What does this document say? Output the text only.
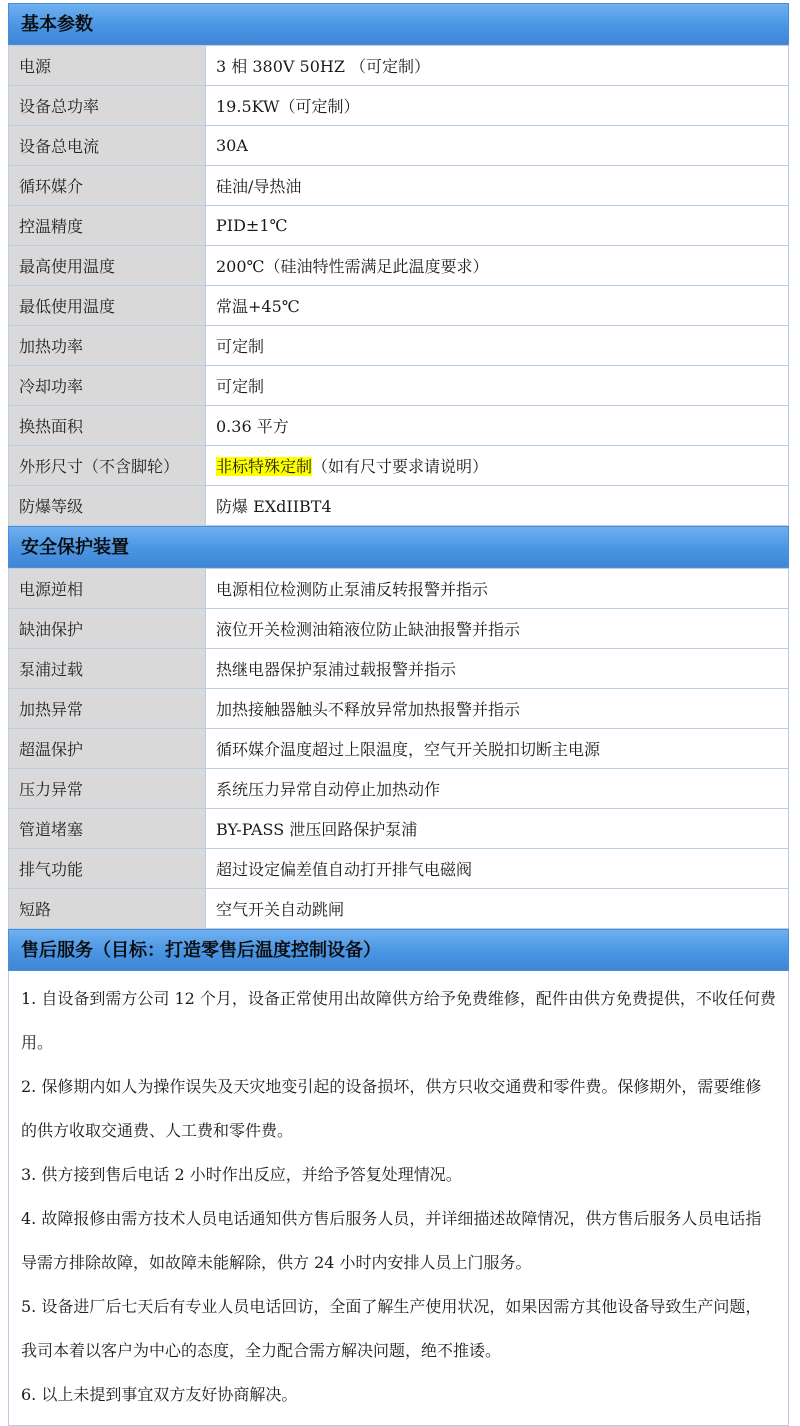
基本参数
电源	3 相 380V 50HZ （可定制）
设备总功率	19.5KW（可定制）
设备总电流	30A
循环媒介	硅油/导热油
控温精度	PID±1℃
最高使用温度	200℃（硅油特性需满足此温度要求）
最低使用温度	常温+45℃
加热功率	可定制
冷却功率	可定制
换热面积	0.36 平方
外形尺寸（不含脚轮）	非标特殊定制（如有尺寸要求请说明）
防爆等级	防爆 EXdIIBT4
安全保护装置
电源逆相	电源相位检测防止泵浦反转报警并指示
缺油保护	液位开关检测油箱液位防止缺油报警并指示
泵浦过载	热继电器保护泵浦过载报警并指示
加热异常	加热接触器触头不释放异常加热报警并指示
超温保护	循环媒介温度超过上限温度，空气开关脱扣切断主电源
压力异常	系统压力异常自动停止加热动作
管道堵塞	BY-PASS 泄压回路保护泵浦
排气功能	超过设定偏差值自动打开排气电磁阀
短路	空气开关自动跳闸
售后服务（目标：打造零售后温度控制设备）

1. 自设备到需方公司 12 个月，设备正常使用出故障供方给予免费维修，配件由供方免费提供，不收任何费用。

2. 保修期内如人为操作误失及天灾地变引起的设备损坏，供方只收交通费和零件费。保修期外，需要维修的供方收取交通费、人工费和零件费。

3. 供方接到售后电话 2 小时作出反应，并给予答复处理情况。

4. 故障报修由需方技术人员电话通知供方售后服务人员，并详细描述故障情况，供方售后服务人员电话指导需方排除故障，如故障未能解除，供方 24 小时内安排人员上门服务。

5. 设备进厂后七天后有专业人员电话回访，全面了解生产使用状况，如果因需方其他设备导致生产问题，我司本着以客户为中心的态度，全力配合需方解决问题，绝不推诿。

6. 以上未提到事宜双方友好协商解决。
